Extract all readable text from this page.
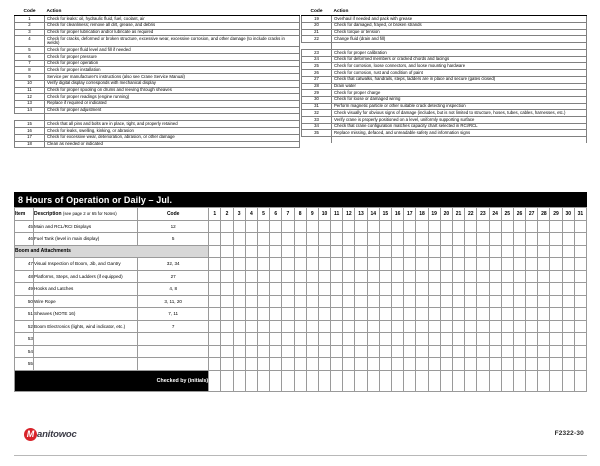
Code	Action
1	Check for leaks: oil, hydraulic fluid, fuel, coolant, air
2	Check for cleanliness; remove all dirt, grease, and debris
3	Check for proper lubrication and/or lubricate as required
4	Check for cracks, deformed or broken structure, excessive wear, excessive corrosion, and other damage (to include cracks in welds)
5	Check for proper fluid level and fill if needed
6	Check for proper pressure
7	Check for proper operation
8	Check for proper installation
9	Service per manufacturer's instructions (also see Crane Service Manual)
10	Verify digital display corresponds with mechanical display
11	Check for proper spooling on drums and reeving through sheaves
12	Check for proper readings (engine running)
13	Replace if required or indicated
14	Check for proper adjustment

15	Check that all pins and bolts are in place, tight, and properly retained
16	Check for leaks, swelling, kinking, or abrasion
17	Check for excessive wear, deterioration, abrasion, or other damage
18	Clean as needed or indicated
Code	Action
19	Overhaul if needed and pack with grease
20	Check for damaged, frayed, or broken strands
21	Check torque or tension
22	Change fluid (drain and fill)

23	Check for proper calibration
24	Check for deformed members or cracked chords and lacings
25	Check for corrosion, loose connectors, and loose mounting hardware
26	Check for corrosion, rust and condition of paint
27	Check that catwalks, handrails, steps, ladders are in place and secure (gates closed)
28	Drain water
29	Check for proper charge
30	Check for loose or damaged wiring
31	Perform magnetic particle or other suitable crack detecting inspection
32	Check visually for obvious signs of damage (includes, but is not limited to structure, hoses, tubes, cables, harnesses, etc.)
33	Verify crane is properly positioned on a level, uniformly supporting surface
34	Check that crane configuration matches capacity chart selected in RCI/RCL
35	Replace missing, defaced, and unreadable safety and information signs

8 Hours of Operation or Daily – Jul.
Item	Description (see page 2 or 65 for Notes)	Code	1	2	3	4	5	6	7	8	9	10	11	12	13	14	15	16	17	18	19	20	21	22	23	24	25	26	27	28	29	30	31
45	Main and RCL/RCI Displays	12																															
46	Fuel Tank (level in main display)	5																															
Boom and Attachments																																	
47	Visual Inspection of Boom, Jib, and Gantry	32, 34																															
48	Platforms, Steps, and Ladders (if equipped)	27																															
49	Hooks and Latches	4, 8																															
50	Wire Rope	3, 11, 20																															
51	Sheaves (NOTE 16)	7, 11																															
52	Boom Electronics (lights, wind indicator, etc.)	7																															
53																																	
54																																	
55																																	
Checked by (initials)																																	
M anitowoc	F2322-30
